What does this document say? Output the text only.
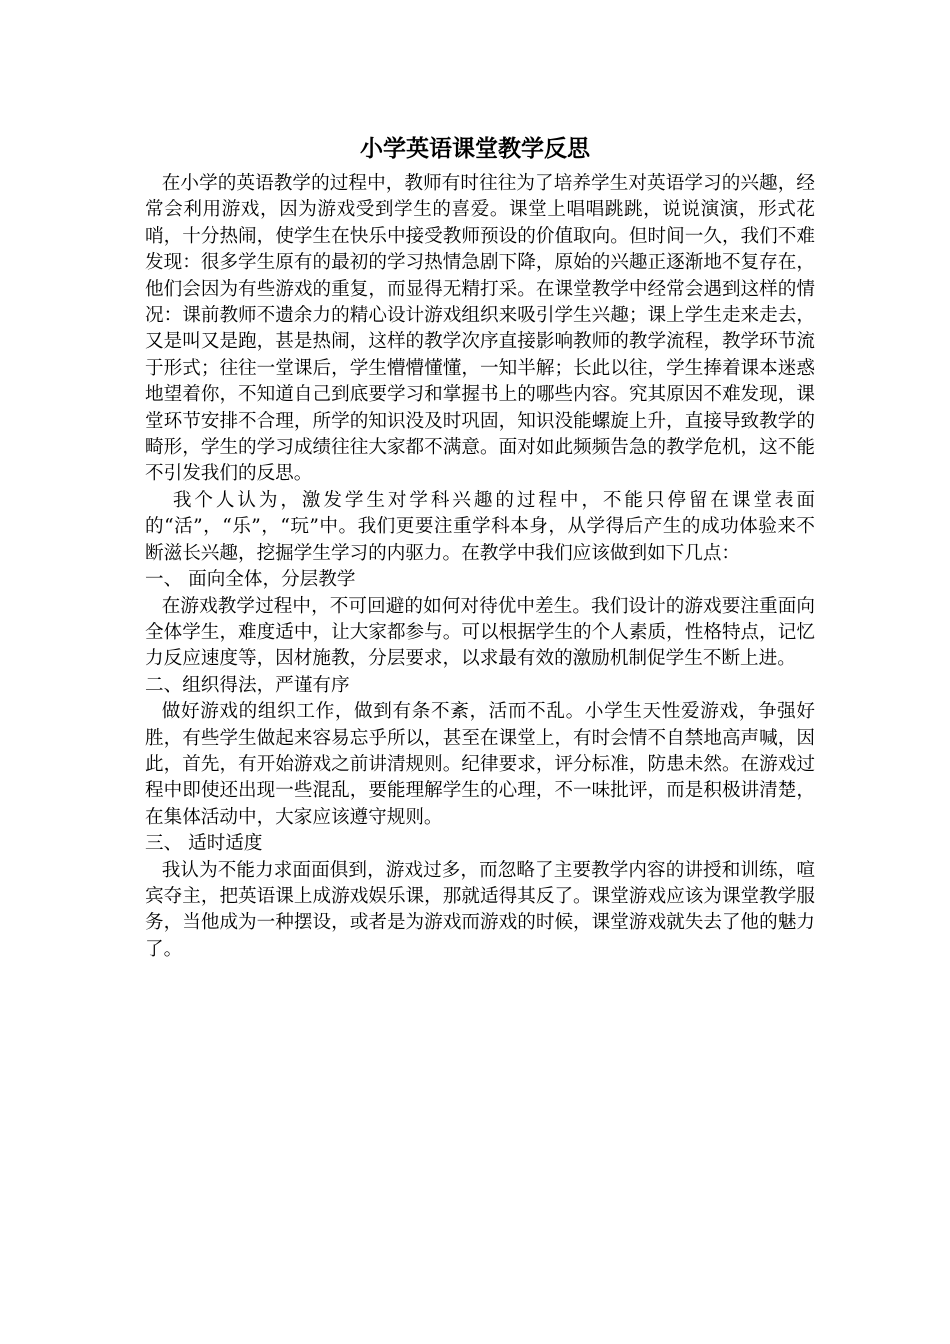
小学英语课堂教学反思

在小学的英语教学的过程中，教师有时往往为了培养学生对英语学习的兴趣，经常会利用游戏，因为游戏受到学生的喜爱。课堂上唱唱跳跳，说说演演，形式花哨，十分热闹，使学生在快乐中接受教师预设的价值取向。但时间一久，我们不难发现：很多学生原有的最初的学习热情急剧下降，原始的兴趣正逐渐地不复存在，他们会因为有些游戏的重复，而显得无精打采。在课堂教学中经常会遇到这样的情况：课前教师不遗余力的精心设计游戏组织来吸引学生兴趣；课上学生走来走去，又是叫又是跑，甚是热闹，这样的教学次序直接影响教师的教学流程，教学环节流于形式；往往一堂课后，学生懵懵懂懂，一知半解；长此以往，学生捧着课本迷惑地望着你，不知道自己到底要学习和掌握书上的哪些内容。究其原因不难发现，课堂环节安排不合理，所学的知识没及时巩固，知识没能螺旋上升，直接导致教学的畸形，学生的学习成绩往往大家都不满意。面对如此频频告急的教学危机，这不能不引发我们的反思。

我个人认为，激发学生对学科兴趣的过程中，不能只停留在课堂表面的“活”，“乐”，“玩”中。我们更要注重学科本身，从学得后产生的成功体验来不断滋长兴趣，挖掘学生学习的内驱力。在教学中我们应该做到如下几点：

一、 面向全体，分层教学

在游戏教学过程中，不可回避的如何对待优中差生。我们设计的游戏要注重面向全体学生，难度适中，让大家都参与。可以根据学生的个人素质，性格特点，记忆力反应速度等，因材施教，分层要求，以求最有效的激励机制促学生不断上进。

二、组织得法，严谨有序

做好游戏的组织工作，做到有条不紊，活而不乱。小学生天性爱游戏，争强好胜，有些学生做起来容易忘乎所以，甚至在课堂上，有时会情不自禁地高声喊，因此，首先，有开始游戏之前讲清规则。纪律要求，评分标准，防患未然。在游戏过程中即使还出现一些混乱，要能理解学生的心理，不一味批评，而是积极讲清楚，在集体活动中，大家应该遵守规则。

三、 适时适度

我认为不能力求面面俱到，游戏过多，而忽略了主要教学内容的讲授和训练，喧宾夺主，把英语课上成游戏娱乐课，那就适得其反了。课堂游戏应该为课堂教学服务，当他成为一种摆设，或者是为游戏而游戏的时候，课堂游戏就失去了他的魅力了。
